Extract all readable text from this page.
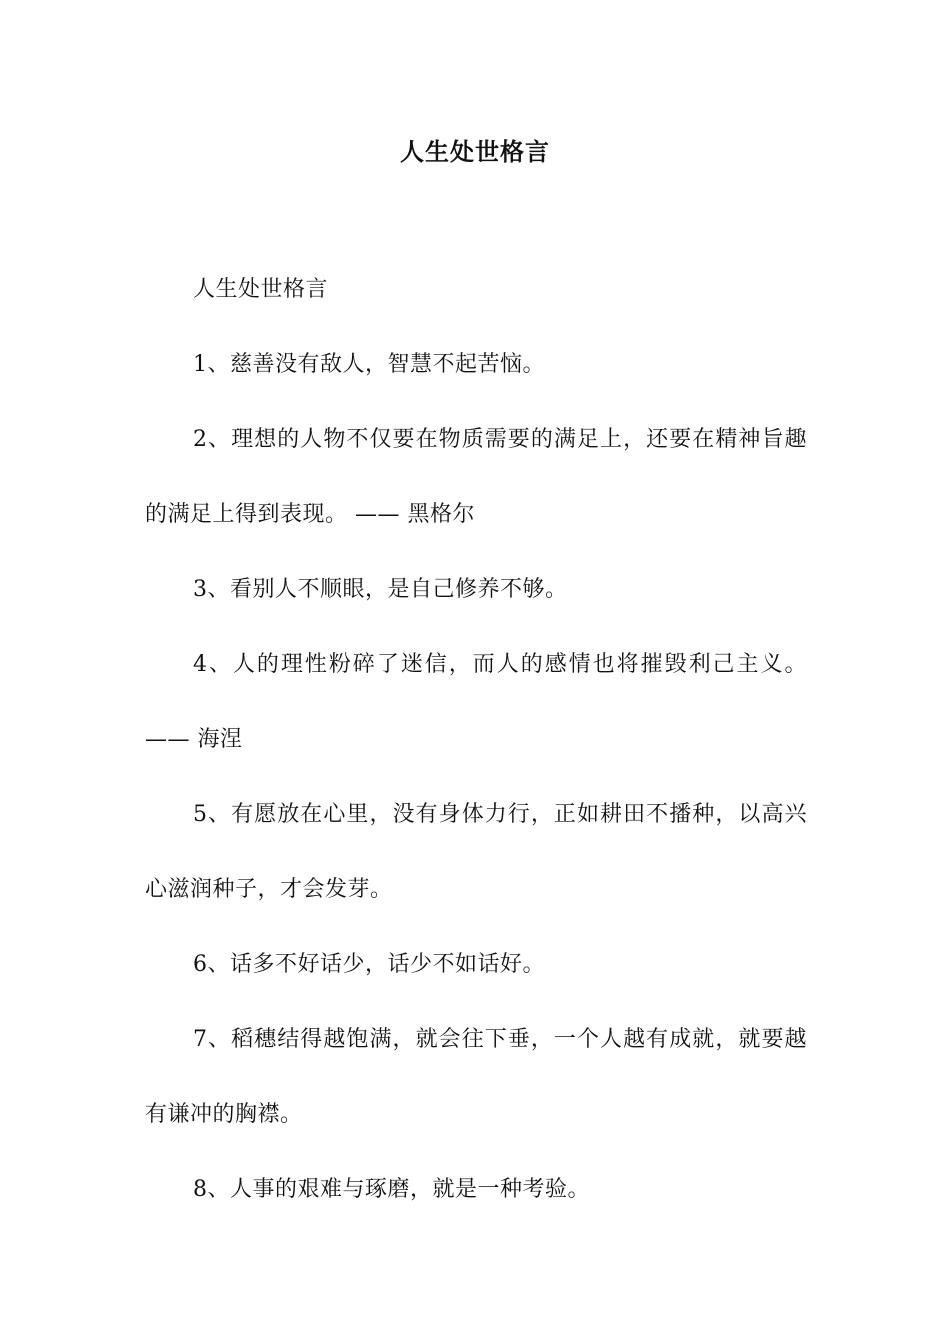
人生处世格言

人生处世格言

1、慈善没有敌人，智慧不起苦恼。

2、理想的人物不仅要在物质需要的满足上，还要在精神旨趣的满足上得到表现。 —— 黑格尔

3、看别人不顺眼，是自己修养不够。

4、人的理性粉碎了迷信，而人的感情也将摧毁利己主义。—— 海涅

5、有愿放在心里，没有身体力行，正如耕田不播种，以高兴心滋润种子，才会发芽。

6、话多不好话少，话少不如话好。

7、稻穗结得越饱满，就会往下垂，一个人越有成就，就要越有谦冲的胸襟。

8、人事的艰难与琢磨，就是一种考验。
